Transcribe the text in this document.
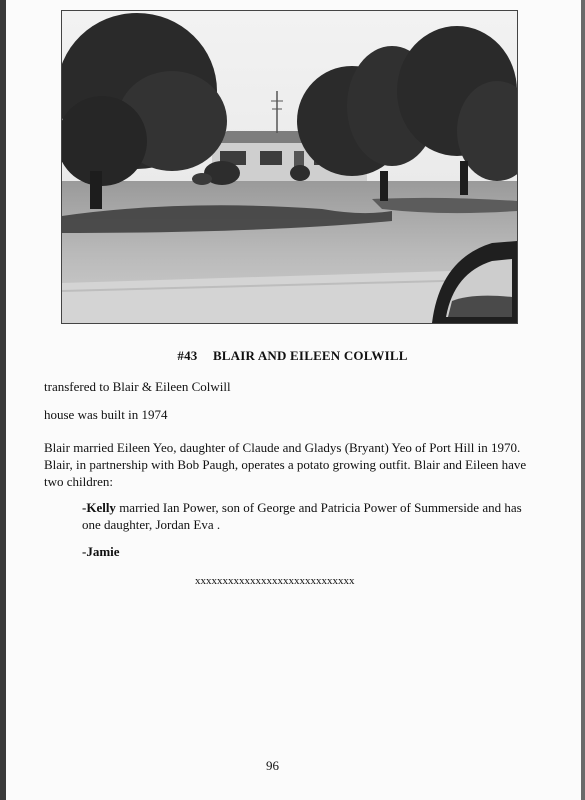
#43 BLAIR AND EILEEN COLWILL
transfered to Blair & Eileen Colwill
house was built in 1974
Blair married Eileen Yeo, daughter of Claude and Gladys (Bryant) Yeo of Port Hill in 1970. Blair, in partnership with Bob Paugh, operates a potato growing outfit. Blair and Eileen have two children:
-Kelly married Ian Power, son of George and Patricia Power of Summerside and has one daughter, Jordan Eva .
-Jamie
xxxxxxxxxxxxxxxxxxxxxxxxxxxxx
96
